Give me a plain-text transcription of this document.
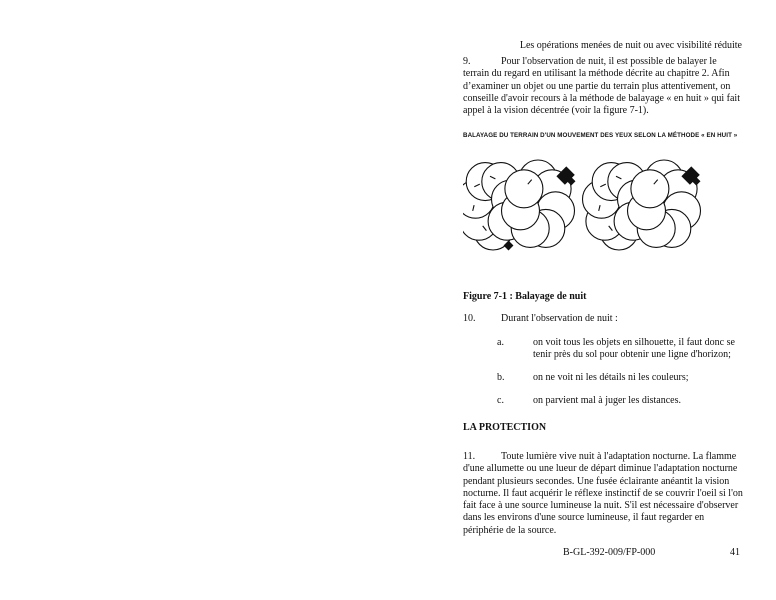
Les opérations menées de nuit ou avec visibilité réduite
9.	Pour l'observation de nuit, il est possible de balayer le terrain du regard en utilisant la méthode décrite au chapitre 2. Afin d’examiner un objet ou une partie du terrain plus attentivement, on conseille d'avoir recours à la méthode de balayage « en huit » qui fait appel à la vision décentrée (voir la figure 7-1).
BALAYAGE DU TERRAIN D'UN MOUVEMENT DES YEUX SELON LA MÉTHODE « EN HUIT »
Figure 7-1 : Balayage de nuit
10.	Durant l'observation de nuit :
a.	on voit tous les objets en silhouette, il faut donc se tenir près du sol pour obtenir une ligne d'horizon;
b.	on ne voit ni les détails ni les couleurs;
c.	on parvient mal à juger les distances.
LA PROTECTION
11.	Toute lumière vive nuit à l'adaptation nocturne. La flamme d'une allumette ou une lueur de départ diminue l'adaptation nocturne pendant plusieurs secondes. Une fusée éclairante anéantit la vision nocturne. Il faut acquérir le réflexe instinctif de se couvrir l'oeil si l'on fait face à une source lumineuse la nuit. S'il est nécessaire d'observer dans les environs d'une source lumineuse, il faut regarder en périphérie de la source.
B-GL-392-009/FP-000	41
